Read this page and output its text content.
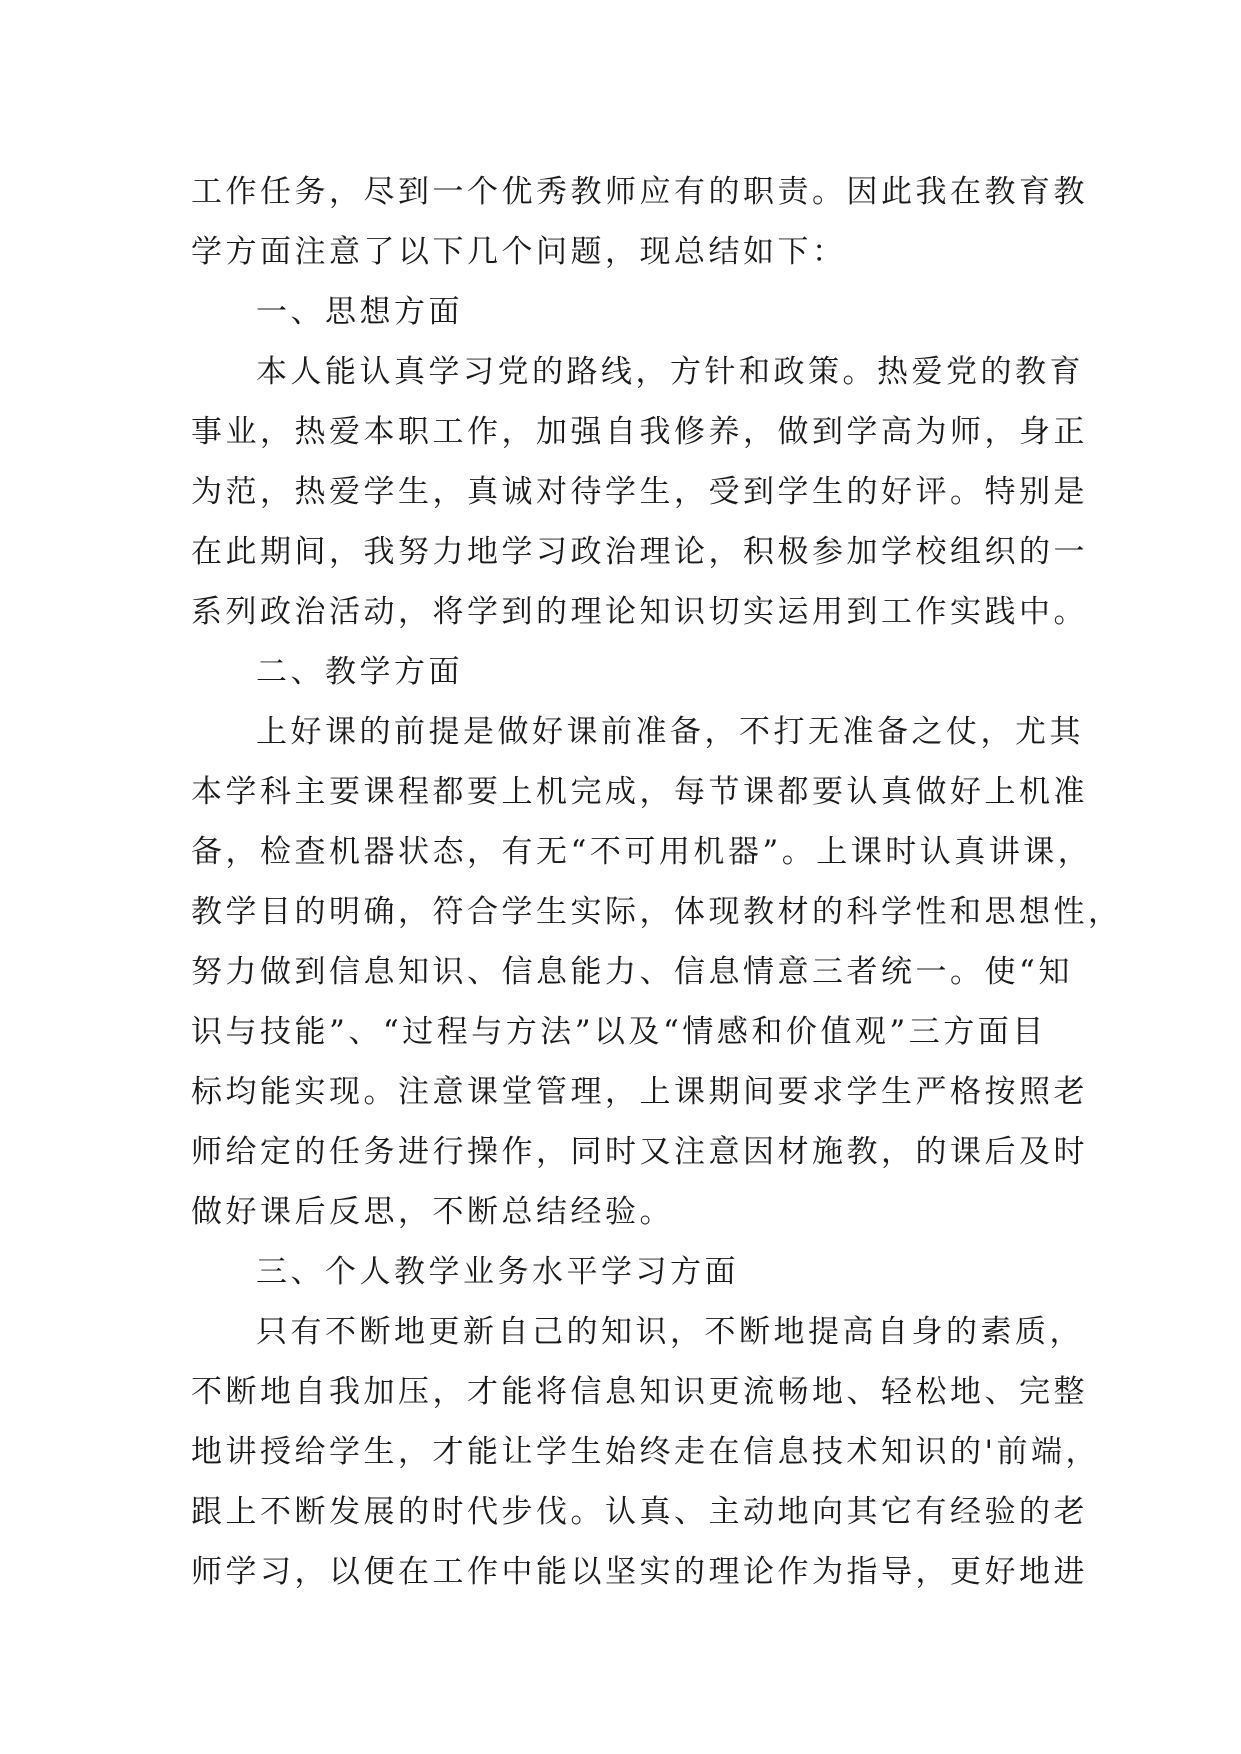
工作任务，尽到一个优秀教师应有的职责。因此我在教育教
学方面注意了以下几个问题，现总结如下：
一、思想方面
本人能认真学习党的路线，方针和政策。热爱党的教育
事业，热爱本职工作，加强自我修养，做到学高为师，身正
为范，热爱学生，真诚对待学生，受到学生的好评。特别是
在此期间，我努力地学习政治理论，积极参加学校组织的一
系列政治活动，将学到的理论知识切实运用到工作实践中。
二、教学方面
上好课的前提是做好课前准备，不打无准备之仗，尤其
本学科主要课程都要上机完成，每节课都要认真做好上机准
备，检查机器状态，有无“不可用机器”。上课时认真讲课，
教学目的明确，符合学生实际，体现教材的科学性和思想性，
努力做到信息知识、信息能力、信息情意三者统一。使“知
识与技能”、“过程与方法”以及“情感和价值观”三方面目
标均能实现。注意课堂管理，上课期间要求学生严格按照老
师给定的任务进行操作，同时又注意因材施教，的课后及时
做好课后反思，不断总结经验。
三、个人教学业务水平学习方面
只有不断地更新自己的知识，不断地提高自身的素质，
不断地自我加压，才能将信息知识更流畅地、轻松地、完整
地讲授给学生，才能让学生始终走在信息技术知识的'前端，
跟上不断发展的时代步伐。认真、主动地向其它有经验的老
师学习，以便在工作中能以坚实的理论作为指导，更好地进
